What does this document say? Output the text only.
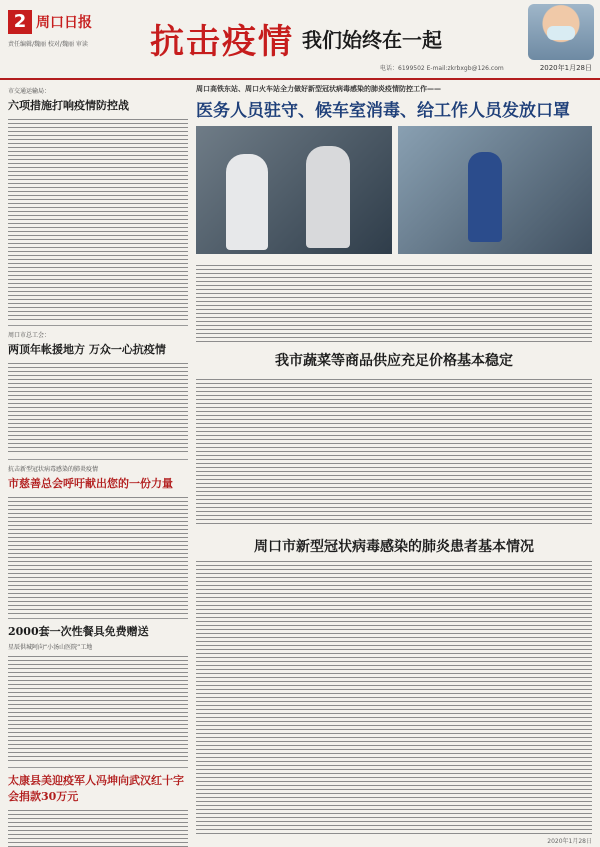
2 周口日报
责任编辑/魏丽 校对/魏丽 审读 抗击疫情 我们始终在一起
电话：6199502 E-mail:zkrbxgb@126.com	2020年1月28日
市交通运输局：
六项措施打响疫情防控战
周口市总工会：
两顶年帐援地方 万众一心抗疫情
抗击新型冠状病毒感染的肺炎疫情
市慈善总会呼吁献出您的一份力量
2000套一次性餐具免费赠送
星辰供城阿向“小汤山医院”工地
太康县美迎疫军人冯坤向武汉红十字会捐款30万元
周口高铁东站、周口火车站全力做好新型冠状病毒感染的肺炎疫情防控工作——
医务人员驻守、候车室消毒、给工作人员发放口罩
我市蔬菜等商品供应充足价格基本稳定
周口市新型冠状病毒感染的肺炎患者基本情况
2020年1月28日
